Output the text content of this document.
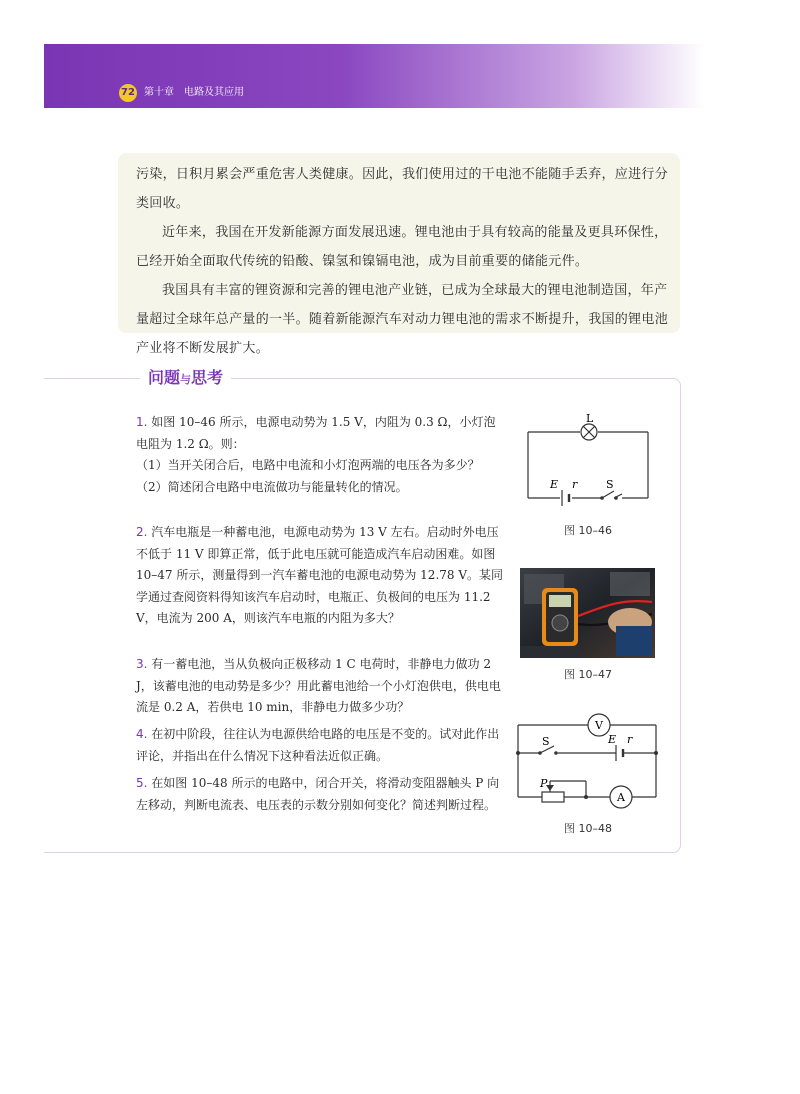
72 第十章　电路及其应用

污染，日积月累会严重危害人类健康。因此，我们使用过的干电池不能随手丢弃，应进行分类回收。

近年来，我国在开发新能源方面发展迅速。锂电池由于具有较高的能量及更具环保性，已经开始全面取代传统的铅酸、镍氢和镍镉电池，成为目前重要的储能元件。

我国具有丰富的锂资源和完善的锂电池产业链，已成为全球最大的锂电池制造国，年产量超过全球年总产量的一半。随着新能源汽车对动力锂电池的需求不断提升，我国的锂电池产业将不断发展扩大。

问题与思考
1. 如图 10–46 所示，电源电动势为 1.5 V，内阻为 0.3 Ω，小灯泡电阻为 1.2 Ω。则：
（1）当开关闭合后，电路中电流和小灯泡两端的电压各为多少？
（2）简述闭合电路中电流做功与能量转化的情况。
2. 汽车电瓶是一种蓄电池，电源电动势为 13 V 左右。启动时外电压不低于 11 V 即算正常，低于此电压就可能造成汽车启动困难。如图 10–47 所示，测量得到一汽车蓄电池的电源电动势为 12.78 V。某同学通过查阅资料得知该汽车启动时，电瓶正、负极间的电压为 11.2 V，电流为 200 A，则该汽车电瓶的内阻为多大？
3. 有一蓄电池，当从负极向正极移动 1 C 电荷时，非静电力做功 2 J，该蓄电池的电动势是多少？用此蓄电池给一个小灯泡供电，供电电流是 0.2 A，若供电 10 min，非静电力做多少功？
4. 在初中阶段，往往认为电源供给电路的电压是不变的。试对此作出评论，并指出在什么情况下这种看法近似正确。
5. 在如图 10–48 所示的电路中，闭合开关，将滑动变阻器触头 P 向左移动，判断电流表、电压表的示数分别如何变化？简述判断过程。
L
E r	S
图 10–46
图 10–47
V
A
S	E r
P
图 10–48
